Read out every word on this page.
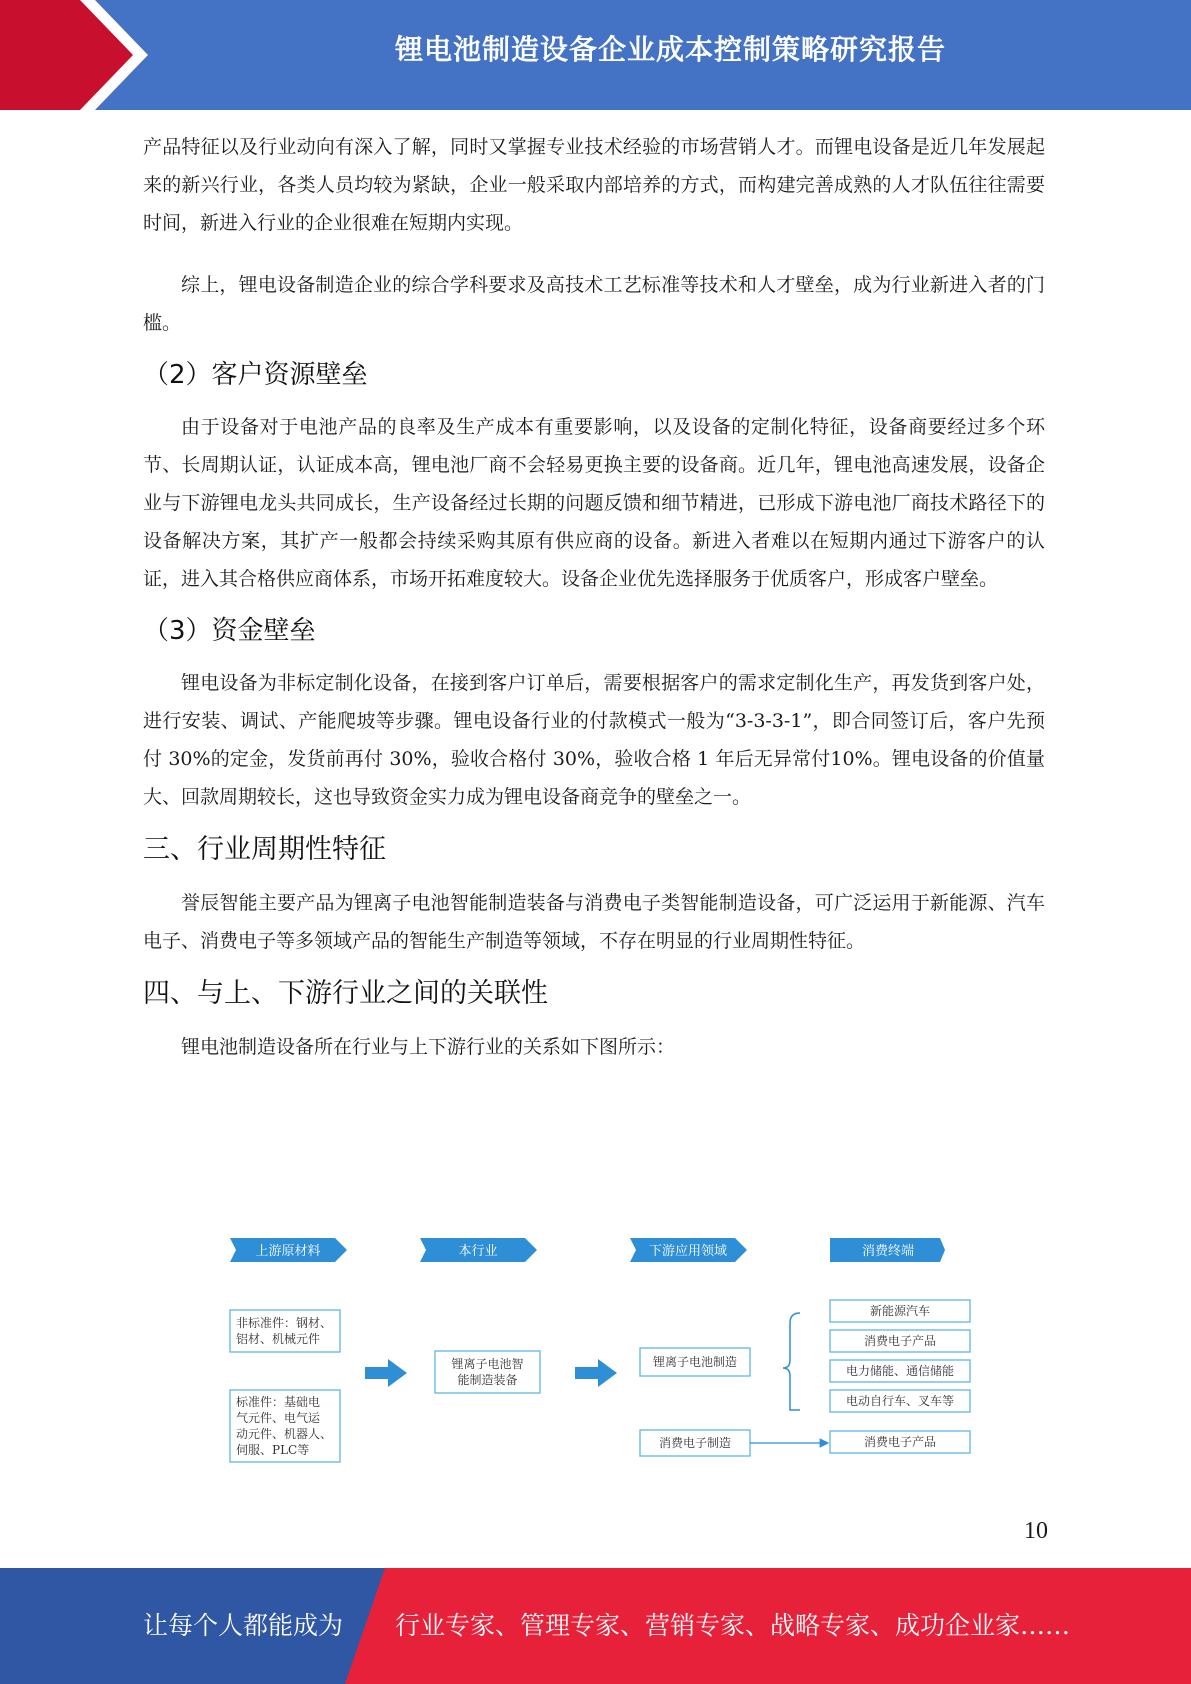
锂电池制造设备企业成本控制策略研究报告

产品特征以及行业动向有深入了解，同时又掌握专业技术经验的市场营销人才。而锂电设备是近几年发展起来的新兴行业，各类人员均较为紧缺，企业一般采取内部培养的方式，而构建完善成熟的人才队伍往往需要时间，新进入行业的企业很难在短期内实现。

综上，锂电设备制造企业的综合学科要求及高技术工艺标准等技术和人才壁垒，成为行业新进入者的门槛。

（2）客户资源壁垒

由于设备对于电池产品的良率及生产成本有重要影响，以及设备的定制化特征，设备商要经过多个环节、长周期认证，认证成本高，锂电池厂商不会轻易更换主要的设备商。近几年，锂电池高速发展，设备企业与下游锂电龙头共同成长，生产设备经过长期的问题反馈和细节精进，已形成下游电池厂商技术路径下的设备解决方案，其扩产一般都会持续采购其原有供应商的设备。新进入者难以在短期内通过下游客户的认证，进入其合格供应商体系，市场开拓难度较大。设备企业优先选择服务于优质客户，形成客户壁垒。

（3）资金壁垒

锂电设备为非标定制化设备，在接到客户订单后，需要根据客户的需求定制化生产，再发货到客户处，进行安装、调试、产能爬坡等步骤。锂电设备行业的付款模式一般为“3-3-3-1”，即合同签订后，客户先预付 30%的定金，发货前再付 30%，验收合格付 30%，验收合格 1 年后无异常付10%。锂电设备的价值量大、回款周期较长，这也导致资金实力成为锂电设备商竞争的壁垒之一。

三、行业周期性特征

誉辰智能主要产品为锂离子电池智能制造装备与消费电子类智能制造设备，可广泛运用于新能源、汽车电子、消费电子等多领域产品的智能生产制造等领域，不存在明显的行业周期性特征。

四、与上、下游行业之间的关联性

锂电池制造设备所在行业与上下游行业的关系如下图所示：

上游原材料	本行业	下游应用领域	消费终端
非标准件：钢材、
铝材、机械元件
标准件：基础电
气元件、电气运
动元件、机器人、
伺服、PLC等
锂离子电池智
能制造装备
锂离子电池制造
消费电子制造
新能源汽车
消费电子产品
电力储能、通信储能
电动自行车、叉车等
消费电子产品
10
让每个人都能成为 行业专家、管理专家、营销专家、战略专家、成功企业家……
